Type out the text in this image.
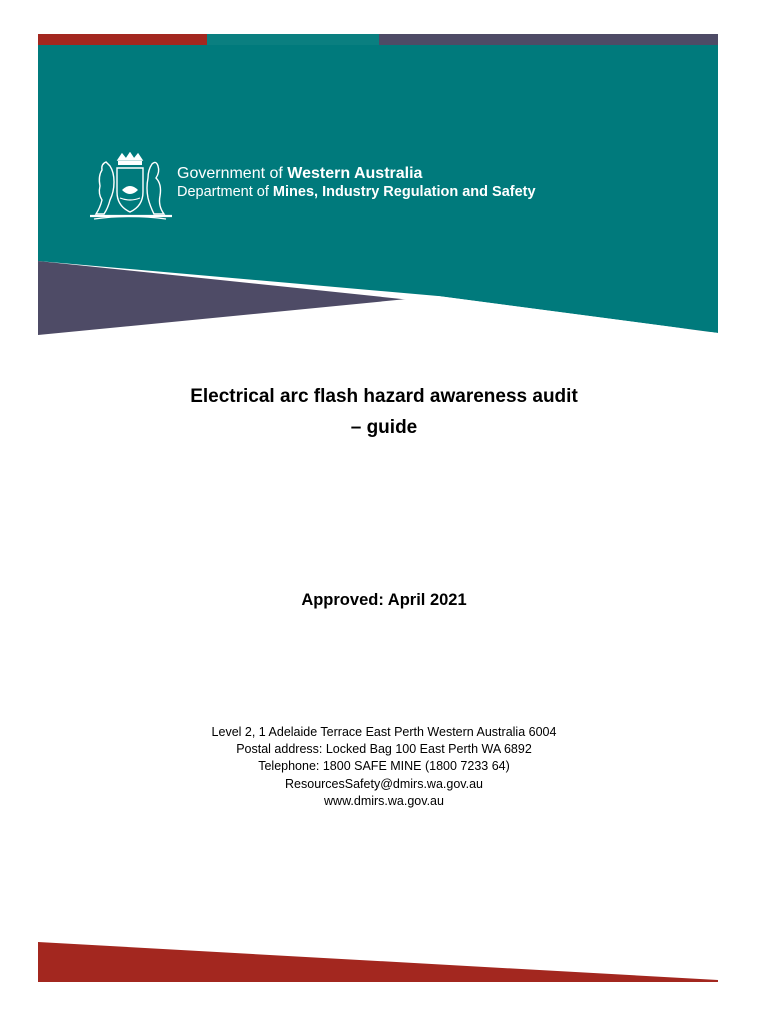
Government of Western Australia
Department of Mines, Industry Regulation and Safety
Electrical arc flash hazard awareness audit
– guide
Approved: April 2021
Level 2, 1 Adelaide Terrace East Perth Western Australia 6004
Postal address: Locked Bag 100 East Perth WA 6892
Telephone: 1800 SAFE MINE (1800 7233 64)
ResourcesSafety@dmirs.wa.gov.au
www.dmirs.wa.gov.au
